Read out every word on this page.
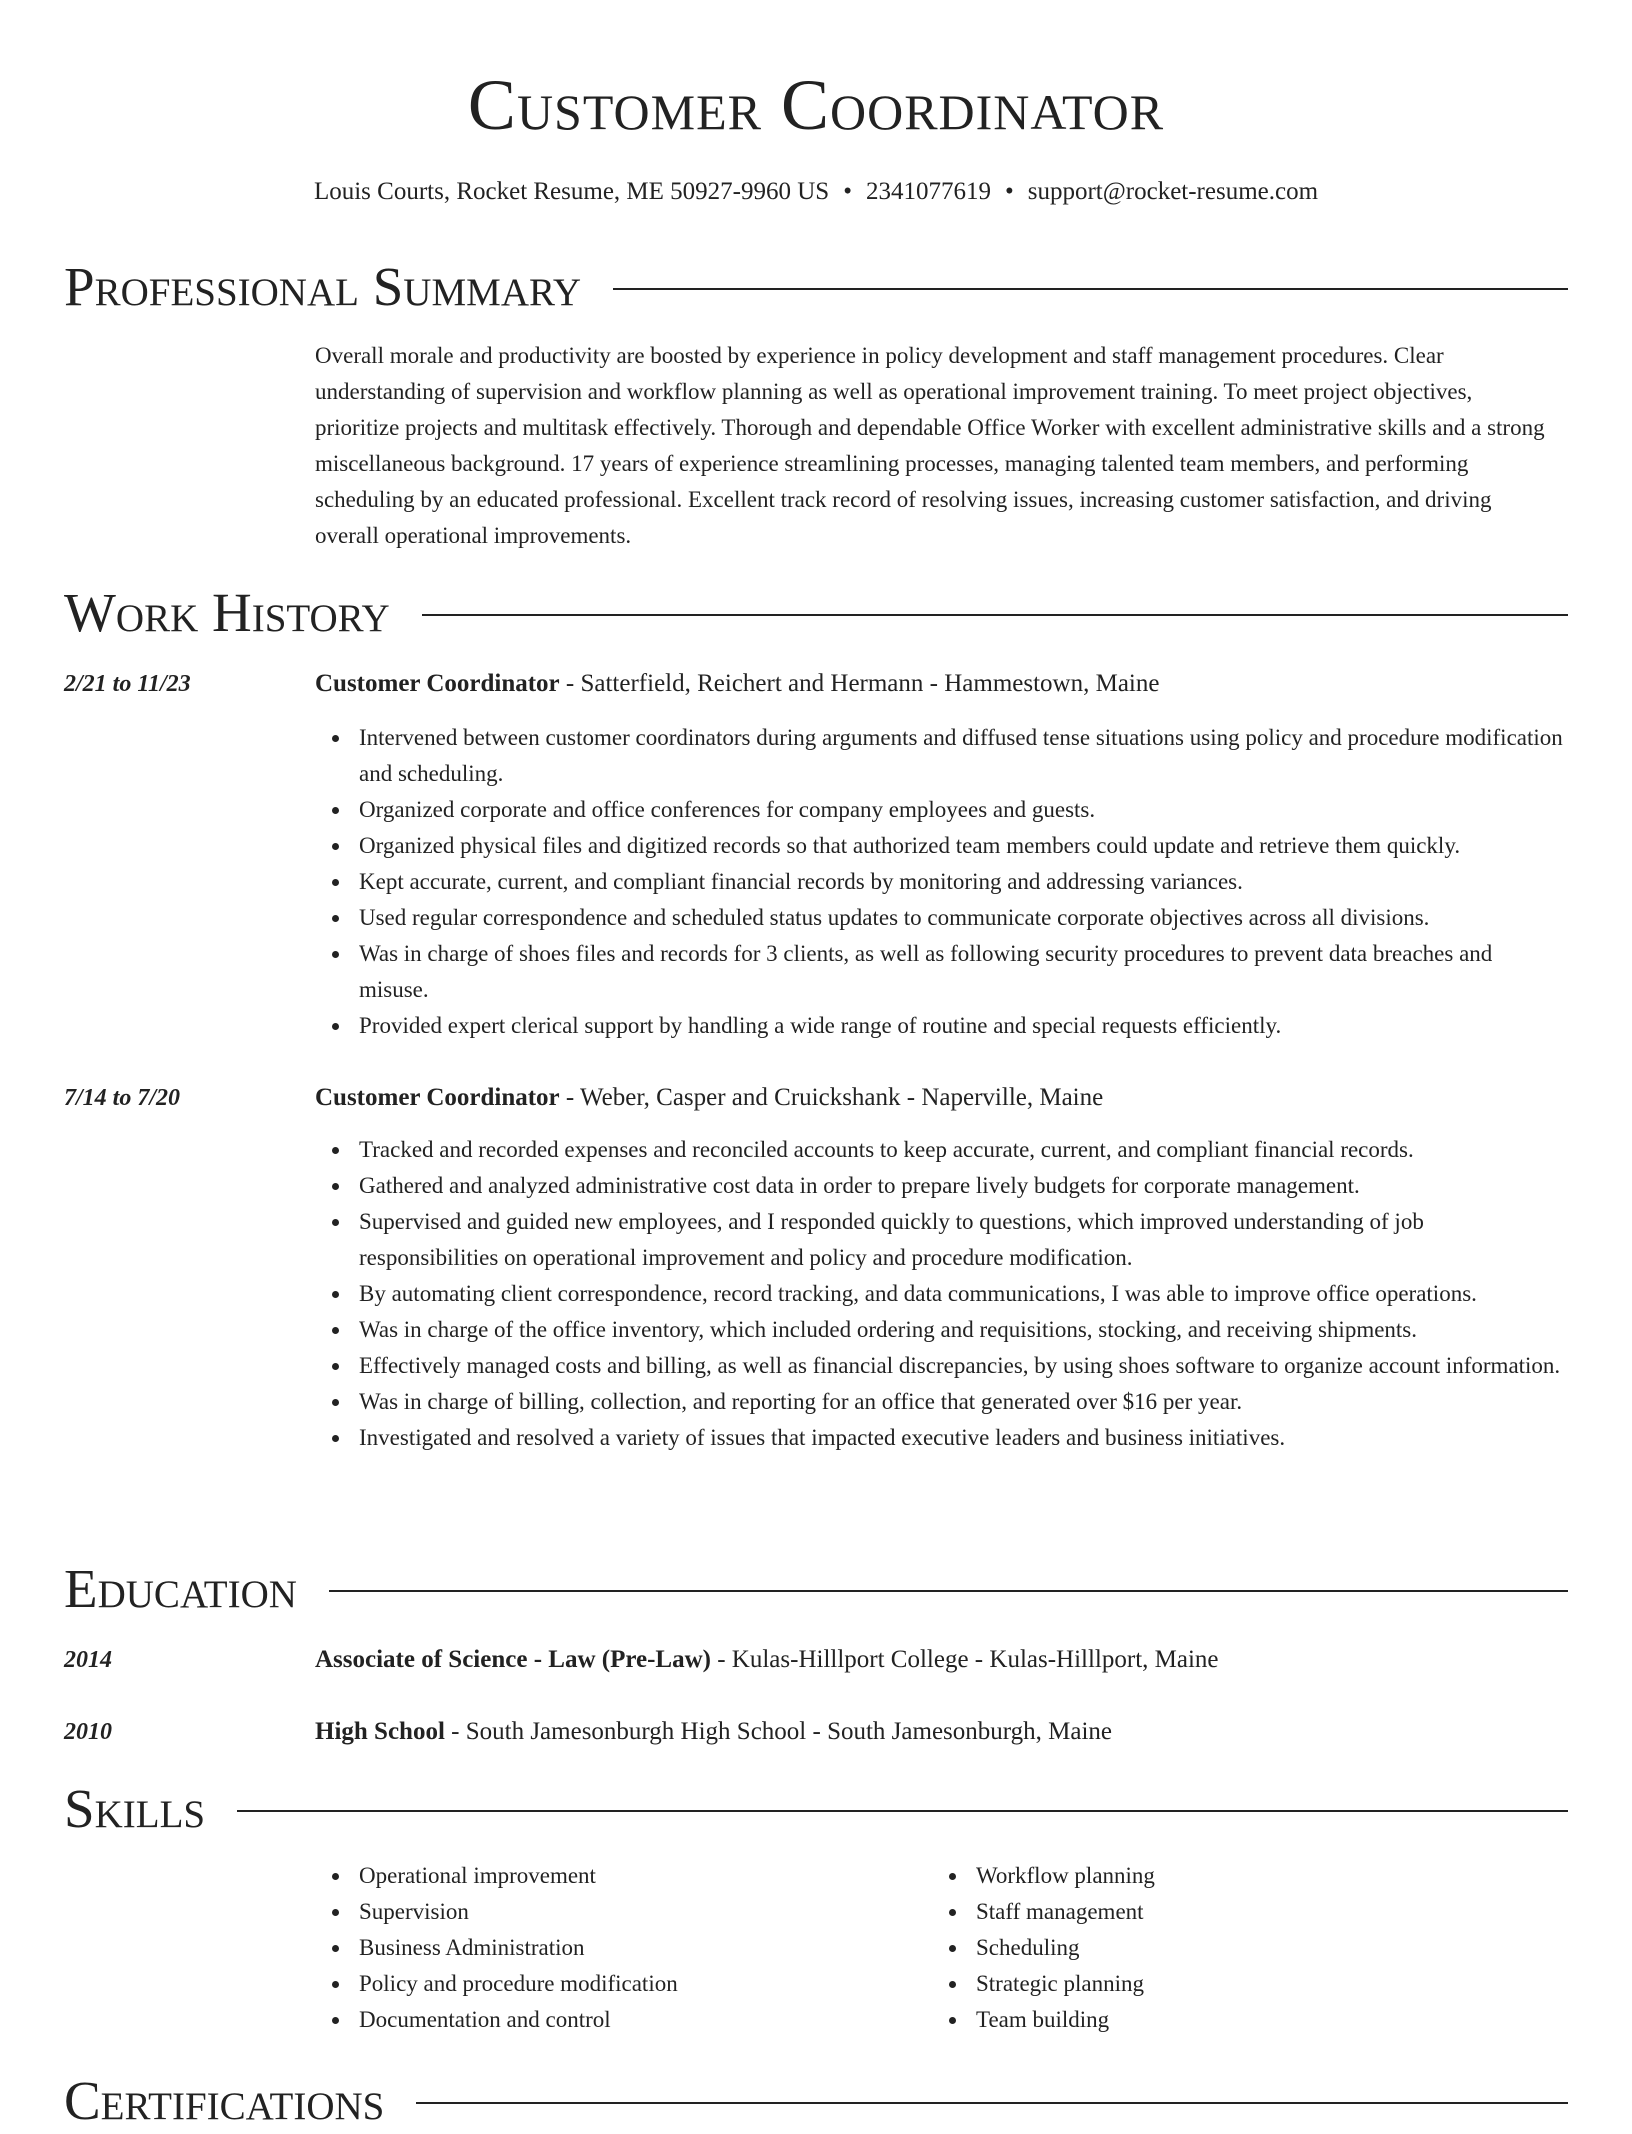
Customer Coordinator
Louis Courts, Rocket Resume, ME 50927-9960 US • 2341077619 • support@rocket-resume.com
Professional Summary
Overall morale and productivity are boosted by experience in policy development and staff management procedures. Clear understanding of supervision and workflow planning as well as operational improvement training. To meet project objectives, prioritize projects and multitask effectively. Thorough and dependable Office Worker with excellent administrative skills and a strong miscellaneous background. 17 years of experience streamlining processes, managing talented team members, and performing scheduling by an educated professional. Excellent track record of resolving issues, increasing customer satisfaction, and driving overall operational improvements.
Work History
2/21 to 11/23	Customer Coordinator - Satterfield, Reichert and Hermann - Hammestown, Maine
Intervened between customer coordinators during arguments and diffused tense situations using policy and procedure modification and scheduling.
Organized corporate and office conferences for company employees and guests.
Organized physical files and digitized records so that authorized team members could update and retrieve them quickly.
Kept accurate, current, and compliant financial records by monitoring and addressing variances.
Used regular correspondence and scheduled status updates to communicate corporate objectives across all divisions.
Was in charge of shoes files and records for 3 clients, as well as following security procedures to prevent data breaches and misuse.
Provided expert clerical support by handling a wide range of routine and special requests efficiently.
7/14 to 7/20	Customer Coordinator - Weber, Casper and Cruickshank - Naperville, Maine
Tracked and recorded expenses and reconciled accounts to keep accurate, current, and compliant financial records.
Gathered and analyzed administrative cost data in order to prepare lively budgets for corporate management.
Supervised and guided new employees, and I responded quickly to questions, which improved understanding of job responsibilities on operational improvement and policy and procedure modification.
By automating client correspondence, record tracking, and data communications, I was able to improve office operations.
Was in charge of the office inventory, which included ordering and requisitions, stocking, and receiving shipments.
Effectively managed costs and billing, as well as financial discrepancies, by using shoes software to organize account information.
Was in charge of billing, collection, and reporting for an office that generated over $16 per year.
Investigated and resolved a variety of issues that impacted executive leaders and business initiatives.
Education
2014	Associate of Science - Law (Pre-Law) - Kulas-Hilllport College - Kulas-Hilllport, Maine
2010	High School - South Jamesonburgh High School - South Jamesonburgh, Maine
Skills
Operational improvement
Supervision
Business Administration
Policy and procedure modification
Documentation and control
Workflow planning
Staff management
Scheduling
Strategic planning
Team building
Certifications
